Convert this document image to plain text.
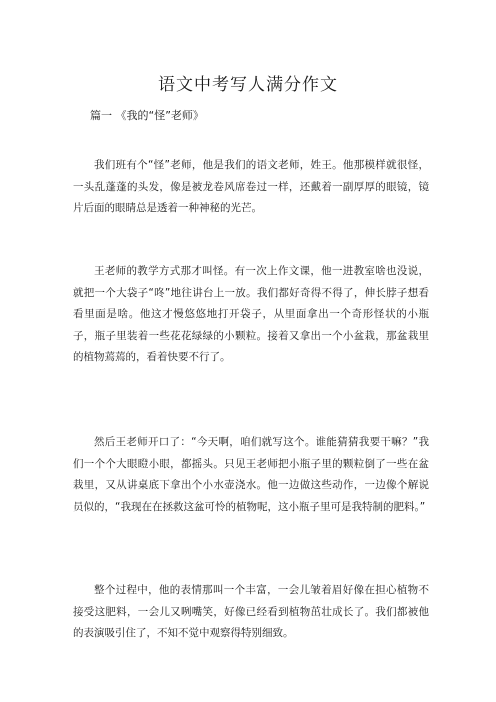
语文中考写人满分作文

篇一 《我的“怪”老师》

我们班有个“怪”老师，他是我们的语文老师，姓王。他那模样就很怪，一头乱蓬蓬的头发，像是被龙卷风席卷过一样，还戴着一副厚厚的眼镜，镜片后面的眼睛总是透着一种神秘的光芒。

王老师的教学方式那才叫怪。有一次上作文课，他一进教室啥也没说，就把一个大袋子“咚”地往讲台上一放。我们都好奇得不得了，伸长脖子想看看里面是啥。他这才慢悠悠地打开袋子，从里面拿出一个奇形怪状的小瓶子，瓶子里装着一些花花绿绿的小颗粒。接着又拿出一个小盆栽，那盆栽里的植物蔫蔫的，看着快要不行了。

然后王老师开口了：“今天啊，咱们就写这个。谁能猜猜我要干嘛？”我们一个个大眼瞪小眼，都摇头。只见王老师把小瓶子里的颗粒倒了一些在盆栽里，又从讲桌底下拿出个小水壶浇水。他一边做这些动作，一边像个解说员似的，“我现在在拯救这盆可怜的植物呢，这小瓶子里可是我特制的肥料。”

整个过程中，他的表情那叫一个丰富，一会儿皱着眉好像在担心植物不接受这肥料，一会儿又咧嘴笑，好像已经看到植物茁壮成长了。我们都被他的表演吸引住了，不知不觉中观察得特别细致。
